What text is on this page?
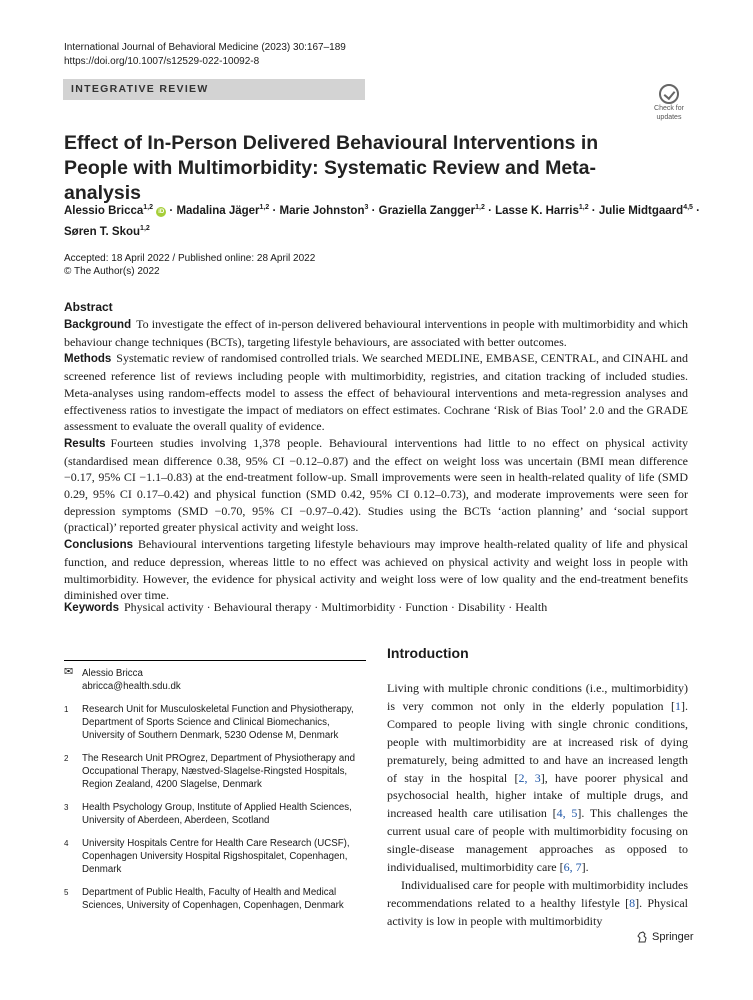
International Journal of Behavioral Medicine (2023) 30:167–189
https://doi.org/10.1007/s12529-022-10092-8
INTEGRATIVE REVIEW
Check for
updates
Effect of In-Person Delivered Behavioural Interventions in People with Multimorbidity: Systematic Review and Meta-analysis
Alessio Bricca$^{1,2}$ iD · Madalina Jäger$^{1,2}$ · Marie Johnston$^3$ · Graziella Zangger$^{1,2}$ · Lasse K. Harris$^{1,2}$ · Julie Midtgaard$^{4,5}$ ·
Søren T. Skou$^{1,2}$
Accepted: 18 April 2022 / Published online: 28 April 2022
© The Author(s) 2022
Abstract

Background To investigate the effect of in-person delivered behavioural interventions in people with multimorbidity and which behaviour change techniques (BCTs), targeting lifestyle behaviours, are associated with better outcomes.

Methods Systematic review of randomised controlled trials. We searched MEDLINE, EMBASE, CENTRAL, and CINAHL and screened reference list of reviews including people with multimorbidity, registries, and citation tracking of included studies. Meta-analyses using random-effects model to assess the effect of behavioural interventions and meta-regression analyses and effectiveness ratios to investigate the impact of mediators on effect estimates. Cochrane ‘Risk of Bias Tool’ 2.0 and the GRADE assessment to evaluate the overall quality of evidence.

Results Fourteen studies involving 1,378 people. Behavioural interventions had little to no effect on physical activity (standardised mean difference 0.38, 95% CI −0.12–0.87) and the effect on weight loss was uncertain (BMI mean difference −0.17, 95% CI −1.1–0.83) at the end-treatment follow-up. Small improvements were seen in health-related quality of life (SMD 0.29, 95% CI 0.17–0.42) and physical function (SMD 0.42, 95% CI 0.12–0.73), and moderate improvements were seen for depression symptoms (SMD −0.70, 95% CI −0.97–0.42). Studies using the BCTs ‘action planning’ and ‘social support (practical)’ reported greater physical activity and weight loss.

Conclusions Behavioural interventions targeting lifestyle behaviours may improve health-related quality of life and physical function, and reduce depression, whereas little to no effect was achieved on physical activity and weight loss in people with multimorbidity. However, the evidence for physical activity and weight loss were of low quality and the end-treatment benefits diminished over time.

Keywords Physical activity · Behavioural therapy · Multimorbidity · Function · Disability · Health
✉ Alessio Bricca
abricca@health.sdu.dk
1 Research Unit for Musculoskeletal Function and Physiotherapy, Department of Sports Science and Clinical Biomechanics, University of Southern Denmark, 5230 Odense M, Denmark
2 The Research Unit PROgrez, Department of Physiotherapy and Occupational Therapy, Næstved-Slagelse-Ringsted Hospitals, Region Zealand, 4200 Slagelse, Denmark
3 Health Psychology Group, Institute of Applied Health Sciences, University of Aberdeen, Aberdeen, Scotland
4 University Hospitals Centre for Health Care Research (UCSF), Copenhagen University Hospital Rigshospitalet, Copenhagen, Denmark
5 Department of Public Health, Faculty of Health and Medical Sciences, University of Copenhagen, Copenhagen, Denmark
Introduction

Living with multiple chronic conditions (i.e., multimorbidity) is very common not only in the elderly population [1]. Compared to people living with single chronic conditions, people with multimorbidity are at increased risk of dying prematurely, being admitted to and have an increased length of stay in the hospital [2, 3], have poorer physical and psychosocial health, higher intake of multiple drugs, and increased health care utilisation [4, 5]. This challenges the current usual care of people with multimorbidity focusing on single-disease management approaches as opposed to individualised, multimorbidity care [6, 7].

Individualised care for people with multimorbidity includes recommendations related to a healthy lifestyle [8]. Physical activity is low in people with multimorbidity

Springer
